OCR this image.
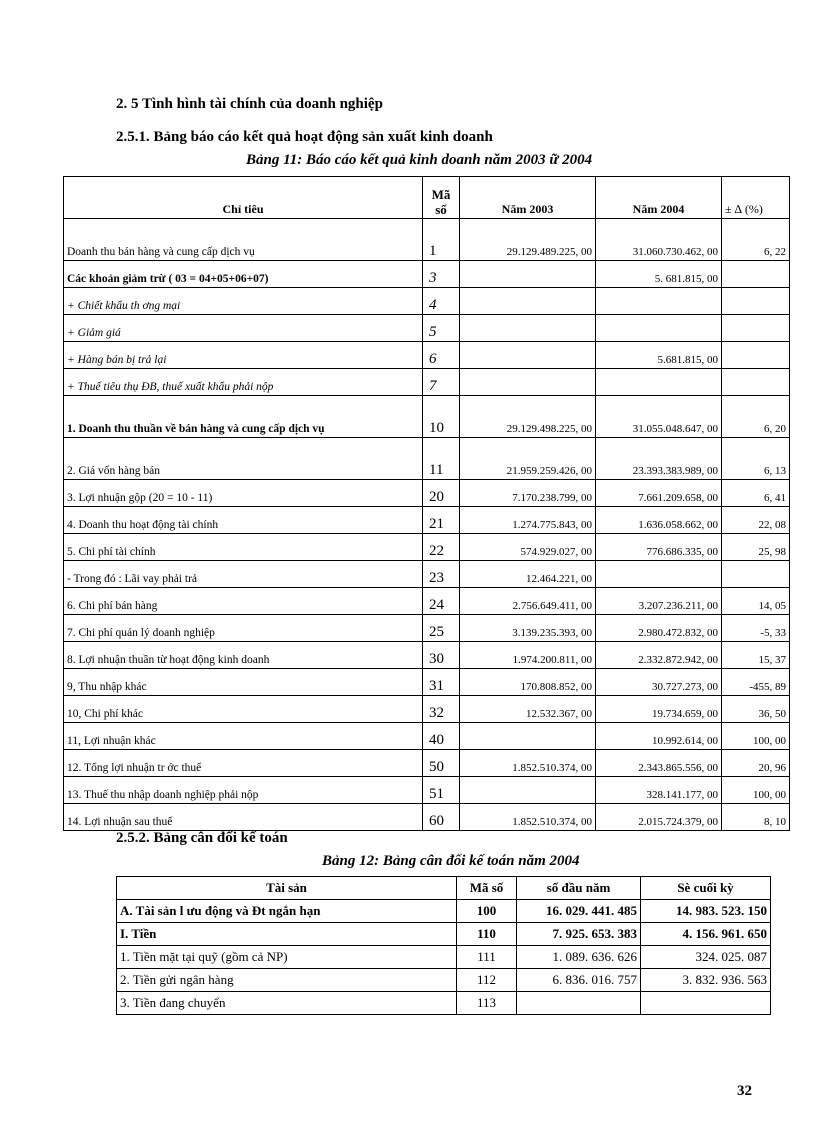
2. 5 Tình hình tài chính của doanh nghiệp
2.5.1. Bảng báo cáo kết quả hoạt động sản xuất kinh doanh
Bảng 11: Báo cáo kết quả kinh doanh năm 2003 ữ 2004
Chỉ tiêu	Mã số	Năm 2003	Năm 2004	± ∆ (%)
Doanh thu bán hàng và cung cấp dịch vụ	1	29.129.489.225, 00	31.060.730.462, 00	6, 22
Các khoản giảm trừ ( 03 = 04+05+06+07)	3		5. 681.815, 00	
+ Chiết khấu th ơng mại	4			
+ Giảm giá	5			
+ Hàng bán bị trả lại	6		5.681.815, 00	
+ Thuế tiêu thụ ĐB, thuế xuất khẩu phải nộp	7			
1. Doanh thu thuần về bán hàng và cung cấp dịch vụ	10	29.129.498.225, 00	31.055.048.647, 00	6, 20
2. Giá vốn hàng bán	11	21.959.259.426, 00	23.393.383.989, 00	6, 13
3. Lợi nhuận gộp (20 = 10 - 11)	20	7.170.238.799, 00	7.661.209.658, 00	6, 41
4. Doanh thu hoạt động tài chính	21	1.274.775.843, 00	1.636.058.662, 00	22, 08
5. Chi phí tài chính	22	574.929.027, 00	776.686.335, 00	25, 98
- Trong đó : Lãi vay phải trả	23	12.464.221, 00		
6. Chi phí bán hàng	24	2.756.649.411, 00	3.207.236.211, 00	14, 05
7. Chi phí quản lý doanh nghiệp	25	3.139.235.393, 00	2.980.472.832, 00	-5, 33
8. Lợi nhuận thuần từ hoạt động kinh doanh	30	1.974.200.811, 00	2.332.872.942, 00	15, 37
9, Thu nhập khác	31	170.808.852, 00	30.727.273, 00	-455, 89
10, Chi phí khác	32	12.532.367, 00	19.734.659, 00	36, 50
11, Lợi nhuận khác	40		10.992.614, 00	100, 00
12. Tổng lợi nhuận tr ớc thuế	50	1.852.510.374, 00	2.343.865.556, 00	20, 96
13. Thuế thu nhập doanh nghiệp phải nộp	51		328.141.177, 00	100, 00
14. Lợi nhuận sau thuế	60	1.852.510.374, 00	2.015.724.379, 00	8, 10
2.5.2. Bảng cân đối kế toán
Bảng 12: Bảng cân đối kế toán năm 2004
Tài sản	Mã số	số đầu năm	Sè cuối kỳ
A. Tài sản l ưu động và Đt ngắn hạn	100	16. 029. 441. 485	14. 983. 523. 150
I. Tiền	110	7. 925. 653. 383	4. 156. 961. 650
1. Tiền mặt tại quỹ (gồm cả NP)	111	1. 089. 636. 626	324. 025. 087
2. Tiền gửi ngân hàng	112	6. 836. 016. 757	3. 832. 936. 563
3. Tiền đang chuyển	113		
32
